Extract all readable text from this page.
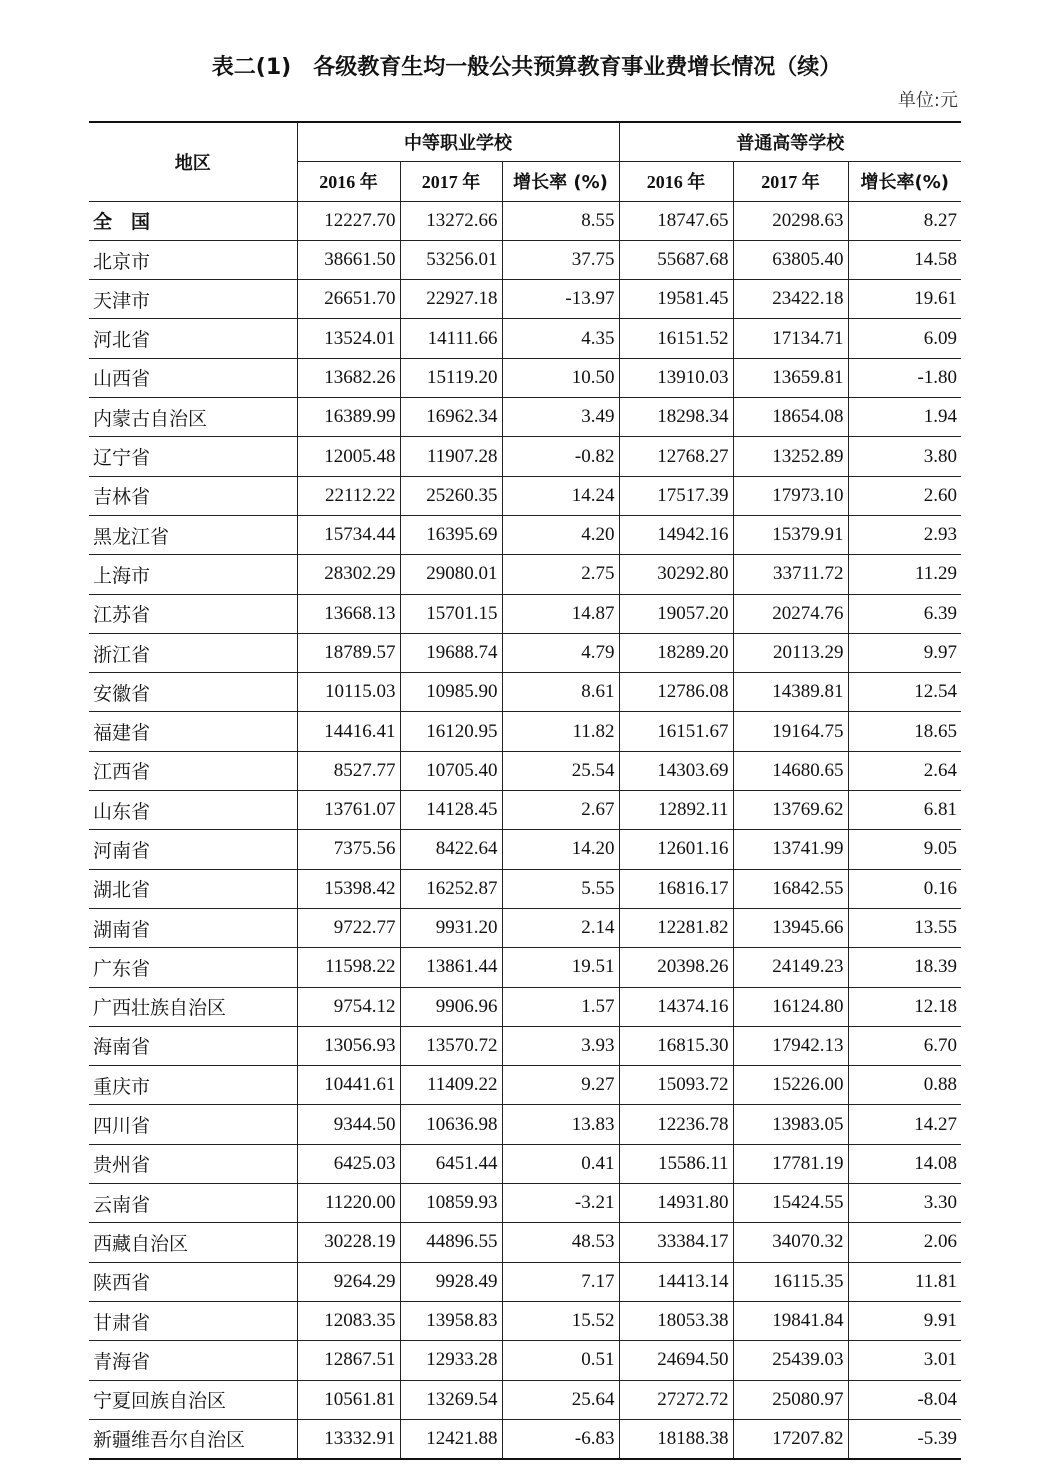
表二(1)　各级教育生均一般公共预算教育事业费增长情况（续）
单位:元
地区	中等职业学校			普通高等学校		
	2016 年	2017 年	增长率 (%)	2016 年	2017 年	增长率(%)
全　国	12227.70	13272.66	8.55	18747.65	20298.63	8.27
北京市	38661.50	53256.01	37.75	55687.68	63805.40	14.58
天津市	26651.70	22927.18	-13.97	19581.45	23422.18	19.61
河北省	13524.01	14111.66	4.35	16151.52	17134.71	6.09
山西省	13682.26	15119.20	10.50	13910.03	13659.81	-1.80
内蒙古自治区	16389.99	16962.34	3.49	18298.34	18654.08	1.94
辽宁省	12005.48	11907.28	-0.82	12768.27	13252.89	3.80
吉林省	22112.22	25260.35	14.24	17517.39	17973.10	2.60
黑龙江省	15734.44	16395.69	4.20	14942.16	15379.91	2.93
上海市	28302.29	29080.01	2.75	30292.80	33711.72	11.29
江苏省	13668.13	15701.15	14.87	19057.20	20274.76	6.39
浙江省	18789.57	19688.74	4.79	18289.20	20113.29	9.97
安徽省	10115.03	10985.90	8.61	12786.08	14389.81	12.54
福建省	14416.41	16120.95	11.82	16151.67	19164.75	18.65
江西省	8527.77	10705.40	25.54	14303.69	14680.65	2.64
山东省	13761.07	14128.45	2.67	12892.11	13769.62	6.81
河南省	7375.56	8422.64	14.20	12601.16	13741.99	9.05
湖北省	15398.42	16252.87	5.55	16816.17	16842.55	0.16
湖南省	9722.77	9931.20	2.14	12281.82	13945.66	13.55
广东省	11598.22	13861.44	19.51	20398.26	24149.23	18.39
广西壮族自治区	9754.12	9906.96	1.57	14374.16	16124.80	12.18
海南省	13056.93	13570.72	3.93	16815.30	17942.13	6.70
重庆市	10441.61	11409.22	9.27	15093.72	15226.00	0.88
四川省	9344.50	10636.98	13.83	12236.78	13983.05	14.27
贵州省	6425.03	6451.44	0.41	15586.11	17781.19	14.08
云南省	11220.00	10859.93	-3.21	14931.80	15424.55	3.30
西藏自治区	30228.19	44896.55	48.53	33384.17	34070.32	2.06
陕西省	9264.29	9928.49	7.17	14413.14	16115.35	11.81
甘肃省	12083.35	13958.83	15.52	18053.38	19841.84	9.91
青海省	12867.51	12933.28	0.51	24694.50	25439.03	3.01
宁夏回族自治区	10561.81	13269.54	25.64	27272.72	25080.97	-8.04
新疆维吾尔自治区	13332.91	12421.88	-6.83	18188.38	17207.82	-5.39
